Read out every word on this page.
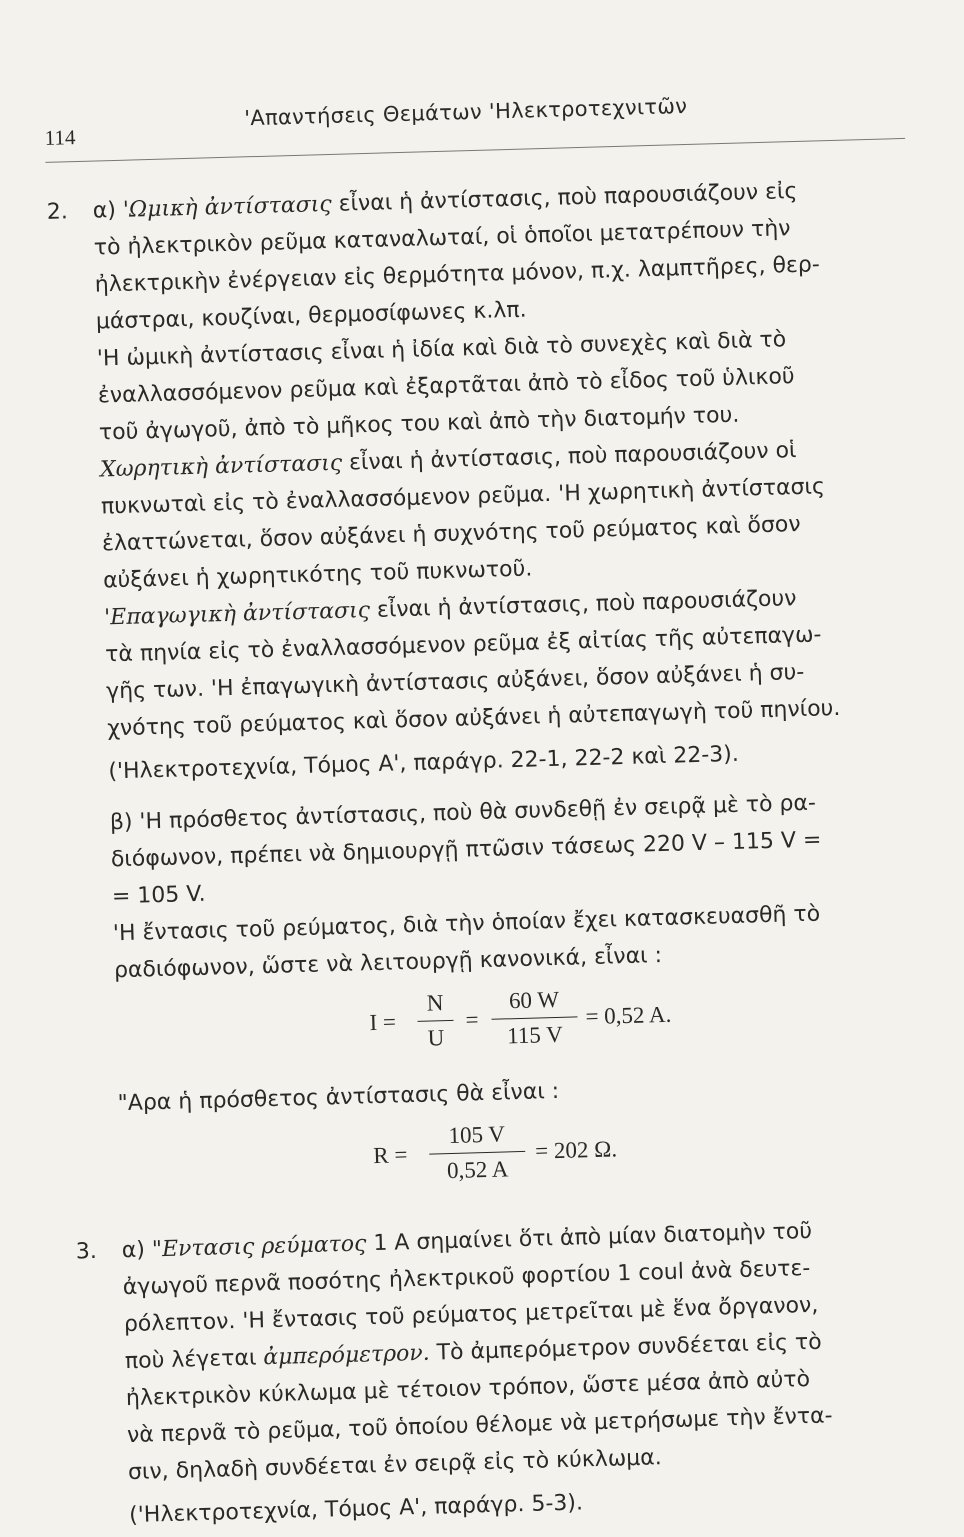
114
'Απαντήσεις Θεμάτων 'Ηλεκτροτεχνιτῶν
2. α) 'Ωμικὴ ἀντίστασις εἶναι ἡ ἀντίστασις, ποὺ παρουσιάζουν εἰς
τὸ ἠλεκτρικὸν ρεῦμα καταναλωταί, οἱ ὁποῖοι μετατρέπουν τὴν
ἠλεκτρικὴν ἐνέργειαν εἰς θερμότητα μόνον, π.χ. λαμπτῆρες, θερ-
μάστραι, κουζίναι, θερμοσίφωνες κ.λπ.
'Η ὠμικὴ ἀντίστασις εἶναι ἡ ἰδία καὶ διὰ τὸ συνεχὲς καὶ διὰ τὸ
ἐναλλασσόμενον ρεῦμα καὶ ἐξαρτᾶται ἀπὸ τὸ εἶδος τοῦ ὑλικοῦ
τοῦ ἀγωγοῦ, ἀπὸ τὸ μῆκος του καὶ ἀπὸ τὴν διατομήν του.
Χωρητικὴ ἀντίστασις εἶναι ἡ ἀντίστασις, ποὺ παρουσιάζουν οἱ
πυκνωταὶ εἰς τὸ ἐναλλασσόμενον ρεῦμα. 'Η χωρητικὴ ἀντίστασις
ἐλαττώνεται, ὅσον αὐξάνει ἡ συχνότης τοῦ ρεύματος καὶ ὅσον
αὐξάνει ἡ χωρητικότης τοῦ πυκνωτοῦ.
'Επαγωγικὴ ἀντίστασις εἶναι ἡ ἀντίστασις, ποὺ παρουσιάζουν
τὰ πηνία εἰς τὸ ἐναλλασσόμενον ρεῦμα ἐξ αἰτίας τῆς αὐτεπαγω-
γῆς των. 'Η ἐπαγωγικὴ ἀντίστασις αὐξάνει, ὅσον αὐξάνει ἡ συ-
χνότης τοῦ ρεύματος καὶ ὅσον αὐξάνει ἡ αὐτεπαγωγὴ τοῦ πηνίου.
('Ηλεκτροτεχνία, Τόμος Α', παράγρ. 22-1, 22-2 καὶ 22-3).
β) 'Η πρόσθετος ἀντίστασις, ποὺ θὰ συνδεθῇ ἐν σειρᾷ μὲ τὸ ρα-
διόφωνον, πρέπει νὰ δημιουργῇ πτῶσιν τάσεως 220 V – 115 V =
= 105 V.
'Η ἔντασις τοῦ ρεύματος, διὰ τὴν ὁποίαν ἔχει κατασκευασθῆ τὸ
ραδιόφωνον, ὥστε νὰ λειτουργῇ κανονικά, εἶναι :
I =
N
U
=
60 W
115 V
= 0,52 A.
"Αρα ἡ πρόσθετος ἀντίστασις θὰ εἶναι :
R =
105 V
0,52 A
= 202 Ω.
3. α) "Εντασις ρεύματος 1 A σημαίνει ὅτι ἀπὸ μίαν διατομὴν τοῦ
ἀγωγοῦ περνᾶ ποσότης ἠλεκτρικοῦ φορτίου 1 coul ἀνὰ δευτε-
ρόλεπτον. 'Η ἔντασις τοῦ ρεύματος μετρεῖται μὲ ἕνα ὄργανον,
ποὺ λέγεται ἀμπερόμετρον. Τὸ ἀμπερόμετρον συνδέεται εἰς τὸ
ἠλεκτρικὸν κύκλωμα μὲ τέτοιον τρόπον, ὥστε μέσα ἀπὸ αὐτὸ
νὰ περνᾶ τὸ ρεῦμα, τοῦ ὁποίου θέλομε νὰ μετρήσωμε τὴν ἔντα-
σιν, δηλαδὴ συνδέεται ἐν σειρᾷ εἰς τὸ κύκλωμα.
('Ηλεκτροτεχνία, Τόμος Α', παράγρ. 5-3).
